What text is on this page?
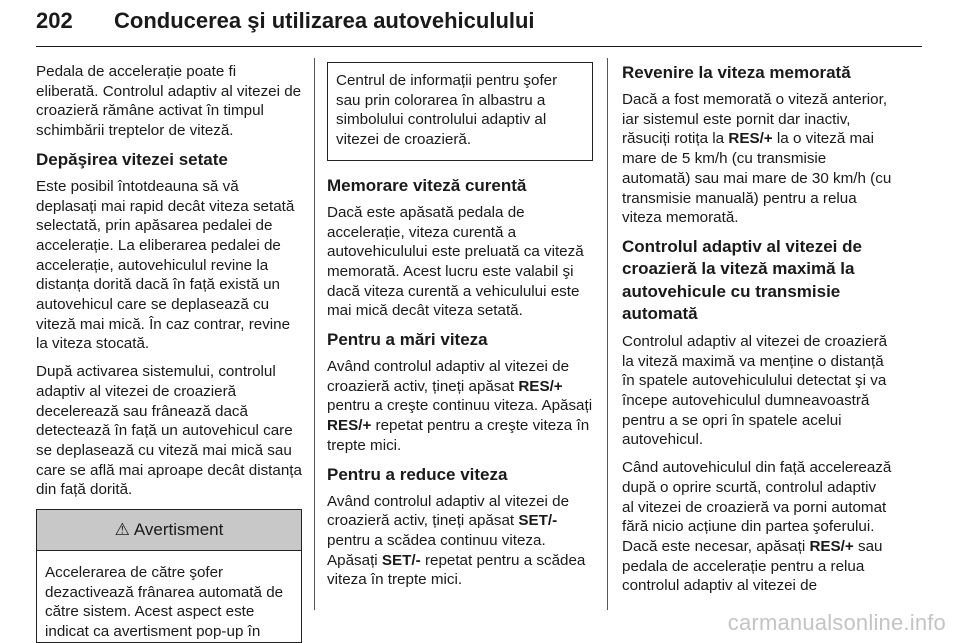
202 Conducerea şi utilizarea autovehiculului

Pedala de accelerație poate fi eliberată. Controlul adaptiv al vitezei de croazieră rămâne activat în timpul schimbării treptelor de viteză.

Depăşirea vitezei setate

Este posibil întotdeauna să vă deplasați mai rapid decât viteza setată selectată, prin apăsarea pedalei de accelerație. La eliberarea pedalei de accelerație, autovehiculul revine la distanța dorită dacă în față există un autovehicul care se deplasează cu viteză mai mică. În caz contrar, revine la viteza stocată.

După activarea sistemului, controlul adaptiv al vitezei de croazieră decelerează sau frânează dacă detectează în față un autovehicul care se deplasează cu viteză mai mică sau care se află mai aproape decât distanța din față dorită.

⚠ Avertisment

Accelerarea de către şofer dezactivează frânarea automată de către sistem. Acest aspect este indicat ca avertisment pop-up în

Centrul de informații pentru şofer sau prin colorarea în albastru a simbolului controlului adaptiv al vitezei de croazieră.

Memorare viteză curentă

Dacă este apăsată pedala de accelerație, viteza curentă a autovehiculului este preluată ca viteză memorată. Acest lucru este valabil şi dacă viteza curentă a vehiculului este mai mică decât viteza setată.

Pentru a mări viteza

Având controlul adaptiv al vitezei de croazieră activ, țineți apăsat RES/+ pentru a creşte continuu viteza. Apăsați RES/+ repetat pentru a creşte viteza în trepte mici.

Pentru a reduce viteza

Având controlul adaptiv al vitezei de croazieră activ, țineți apăsat SET/- pentru a scădea continuu viteza. Apăsați SET/- repetat pentru a scădea viteza în trepte mici.

Revenire la viteza memorată

Dacă a fost memorată o viteză anterior, iar sistemul este pornit dar inactiv, răsuciți rotița la RES/+ la o viteză mai mare de 5 km/h (cu transmisie automată) sau mai mare de 30 km/h (cu transmisie manuală) pentru a relua viteza memorată.

Controlul adaptiv al vitezei de croazieră la viteză maximă la autovehicule cu transmisie automată

Controlul adaptiv al vitezei de croazieră la viteză maximă va menține o distanță în spatele autovehiculului detectat şi va începe autovehiculul dumneavoastră pentru a se opri în spatele acelui autovehicul.

Când autovehiculul din față accelerează după o oprire scurtă, controlul adaptiv al vitezei de croazieră va porni automat fără nicio acțiune din partea şoferului. Dacă este necesar, apăsați RES/+ sau pedala de accelerație pentru a relua controlul adaptiv al vitezei de

carmanualsonline.info
